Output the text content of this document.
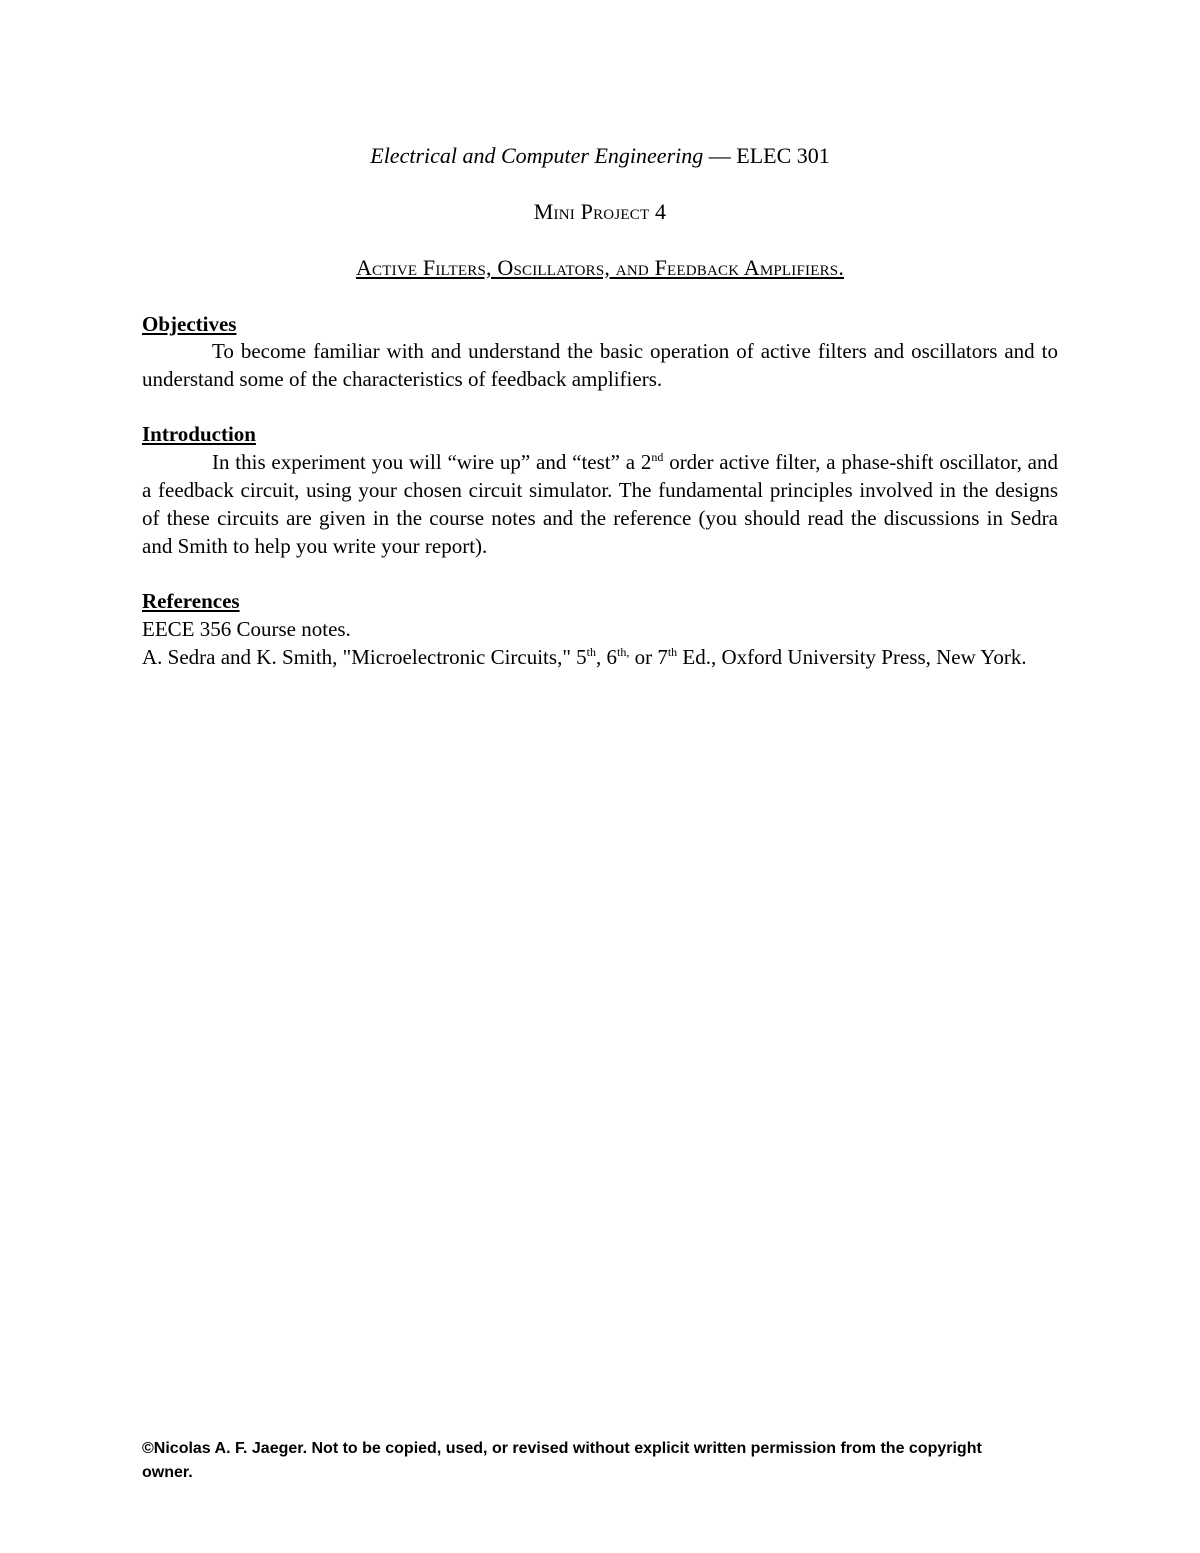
Electrical and Computer Engineering — ELEC 301
Mini Project 4
Active Filters, Oscillators, and Feedback Amplifiers.
Objectives

To become familiar with and understand the basic operation of active filters and oscillators and to understand some of the characteristics of feedback amplifiers.

Introduction

In this experiment you will “wire up” and “test” a 2nd order active filter, a phase-shift oscillator, and a feedback circuit, using your chosen circuit simulator. The fundamental principles involved in the designs of these circuits are given in the course notes and the reference (you should read the discussions in Sedra and Smith to help you write your report).

References

EECE 356 Course notes.

A. Sedra and K. Smith, "Microelectronic Circuits," 5th, $6^{th,}$ or 7th Ed., Oxford University Press, New York.

©Nicolas A. F. Jaeger. Not to be copied, used, or revised without explicit written permission from the copyright owner.
